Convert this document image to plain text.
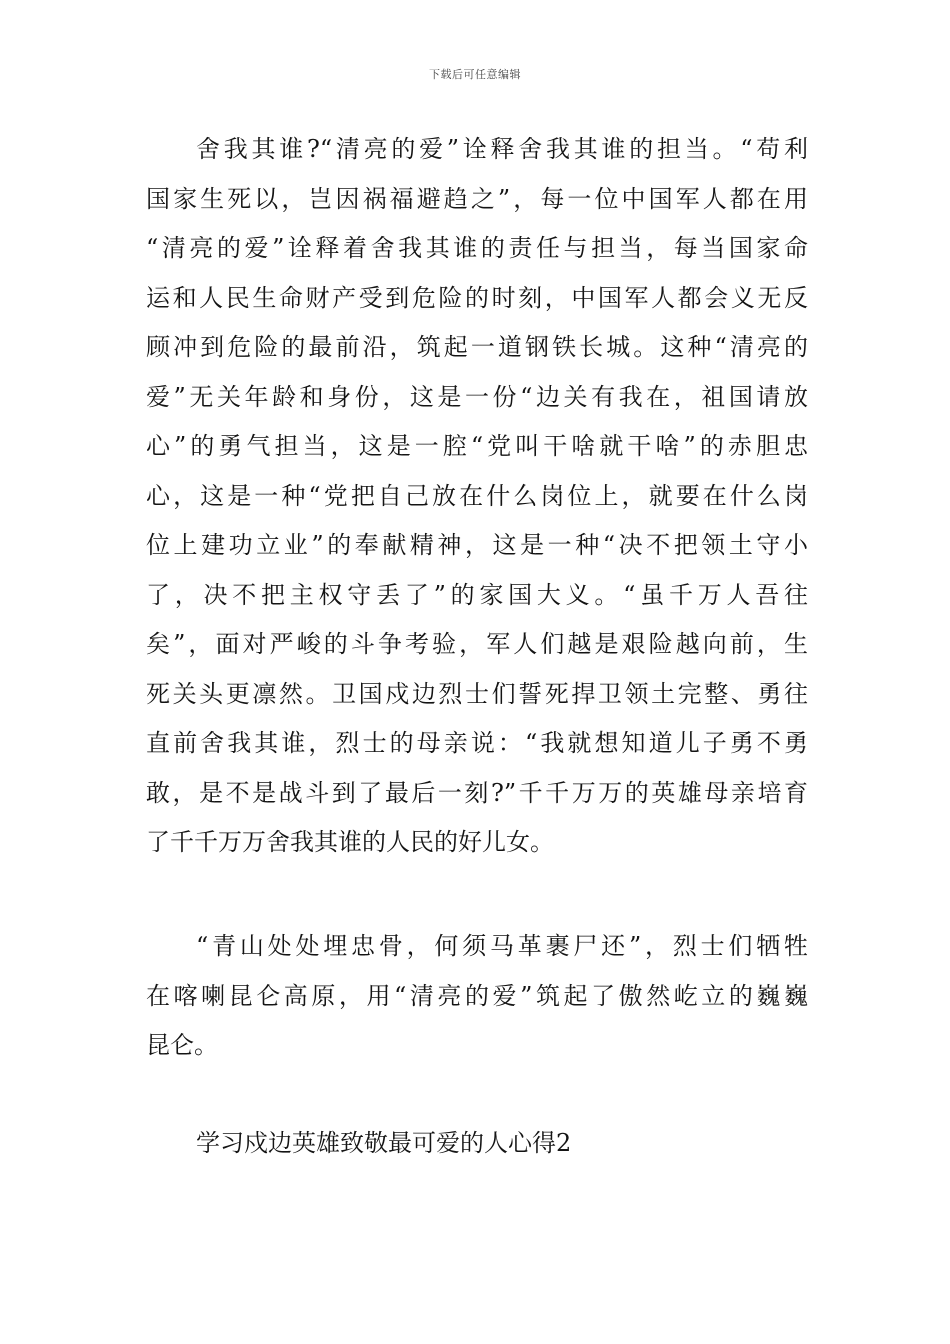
下载后可任意编辑
舍我其谁?“清亮的爱”诠释舍我其谁的担当。“苟利
国家生死以，岂因祸福避趋之”，每一位中国军人都在用
“清亮的爱”诠释着舍我其谁的责任与担当，每当国家命
运和人民生命财产受到危险的时刻，中国军人都会义无反
顾冲到危险的最前沿，筑起一道钢铁长城。这种“清亮的
爱”无关年龄和身份，这是一份“边关有我在，祖国请放
心”的勇气担当，这是一腔“党叫干啥就干啥”的赤胆忠
心，这是一种“党把自己放在什么岗位上，就要在什么岗
位上建功立业”的奉献精神，这是一种“决不把领土守小
了，决不把主权守丢了”的家国大义。“虽千万人吾往
矣”，面对严峻的斗争考验，军人们越是艰险越向前，生
死关头更凛然。卫国戍边烈士们誓死捍卫领土完整、勇往
直前舍我其谁，烈士的母亲说：“我就想知道儿子勇不勇
敢，是不是战斗到了最后一刻?”千千万万的英雄母亲培育
了千千万万舍我其谁的人民的好儿女。
“青山处处埋忠骨，何须马革裹尸还”，烈士们牺牲
在喀喇昆仑高原，用“清亮的爱”筑起了傲然屹立的巍巍
昆仑。
学习戍边英雄致敬最可爱的人心得2
